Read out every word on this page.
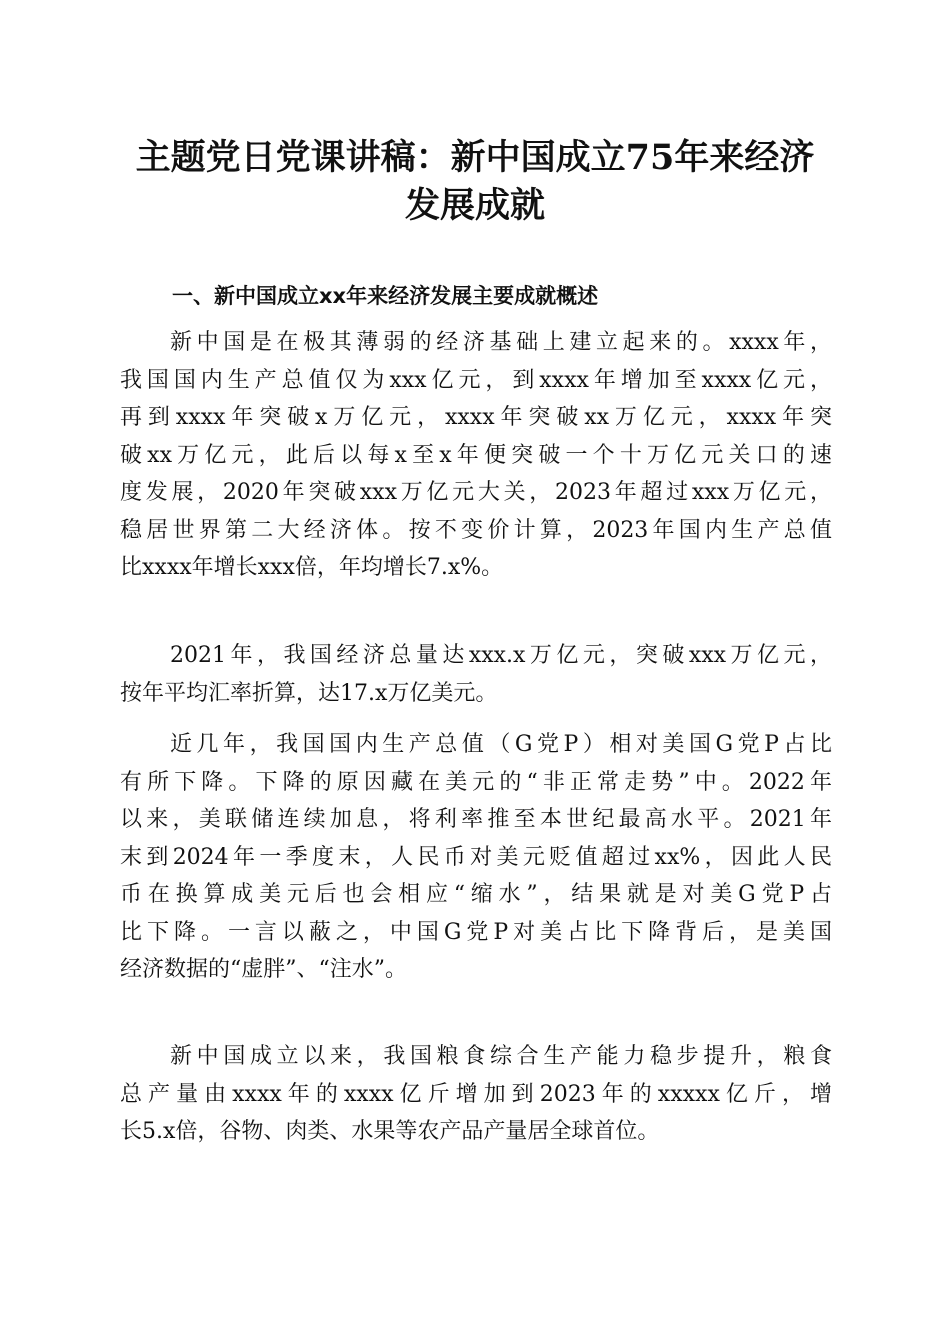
主题党日党课讲稿：新中国成立75年来经济
发展成就
一、新中国成立xx年来经济发展主要成就概述
新中国是在极其薄弱的经济基础上建立起来的。xxxx年，
我国国内生产总值仅为xxx亿元，到xxxx年增加至xxxx亿元，
再到xxxx年突破x万亿元，xxxx年突破xx万亿元，xxxx年突
破xx万亿元，此后以每x至x年便突破一个十万亿元关口的速
度发展，2020年突破xxx万亿元大关，2023年超过xxx万亿元，
稳居世界第二大经济体。按不变价计算，2023年国内生产总值
比xxxx年增长xxx倍，年均增长7.x%。
2021年，我国经济总量达xxx.x万亿元，突破xxx万亿元，
按年平均汇率折算，达17.x万亿美元。
近几年，我国国内生产总值（G党P）相对美国G党P占比
有所下降。下降的原因藏在美元的“非正常走势”中。2022年
以来，美联储连续加息，将利率推至本世纪最高水平。2021年
末到2024年一季度末，人民币对美元贬值超过xx%，因此人民
币在换算成美元后也会相应“缩水”，结果就是对美G党P占
比下降。一言以蔽之，中国G党P对美占比下降背后，是美国
经济数据的“虚胖”、“注水”。
新中国成立以来，我国粮食综合生产能力稳步提升，粮食
总产量由xxxx年的xxxx亿斤增加到2023年的xxxxx亿斤，增
长5.x倍，谷物、肉类、水果等农产品产量居全球首位。
